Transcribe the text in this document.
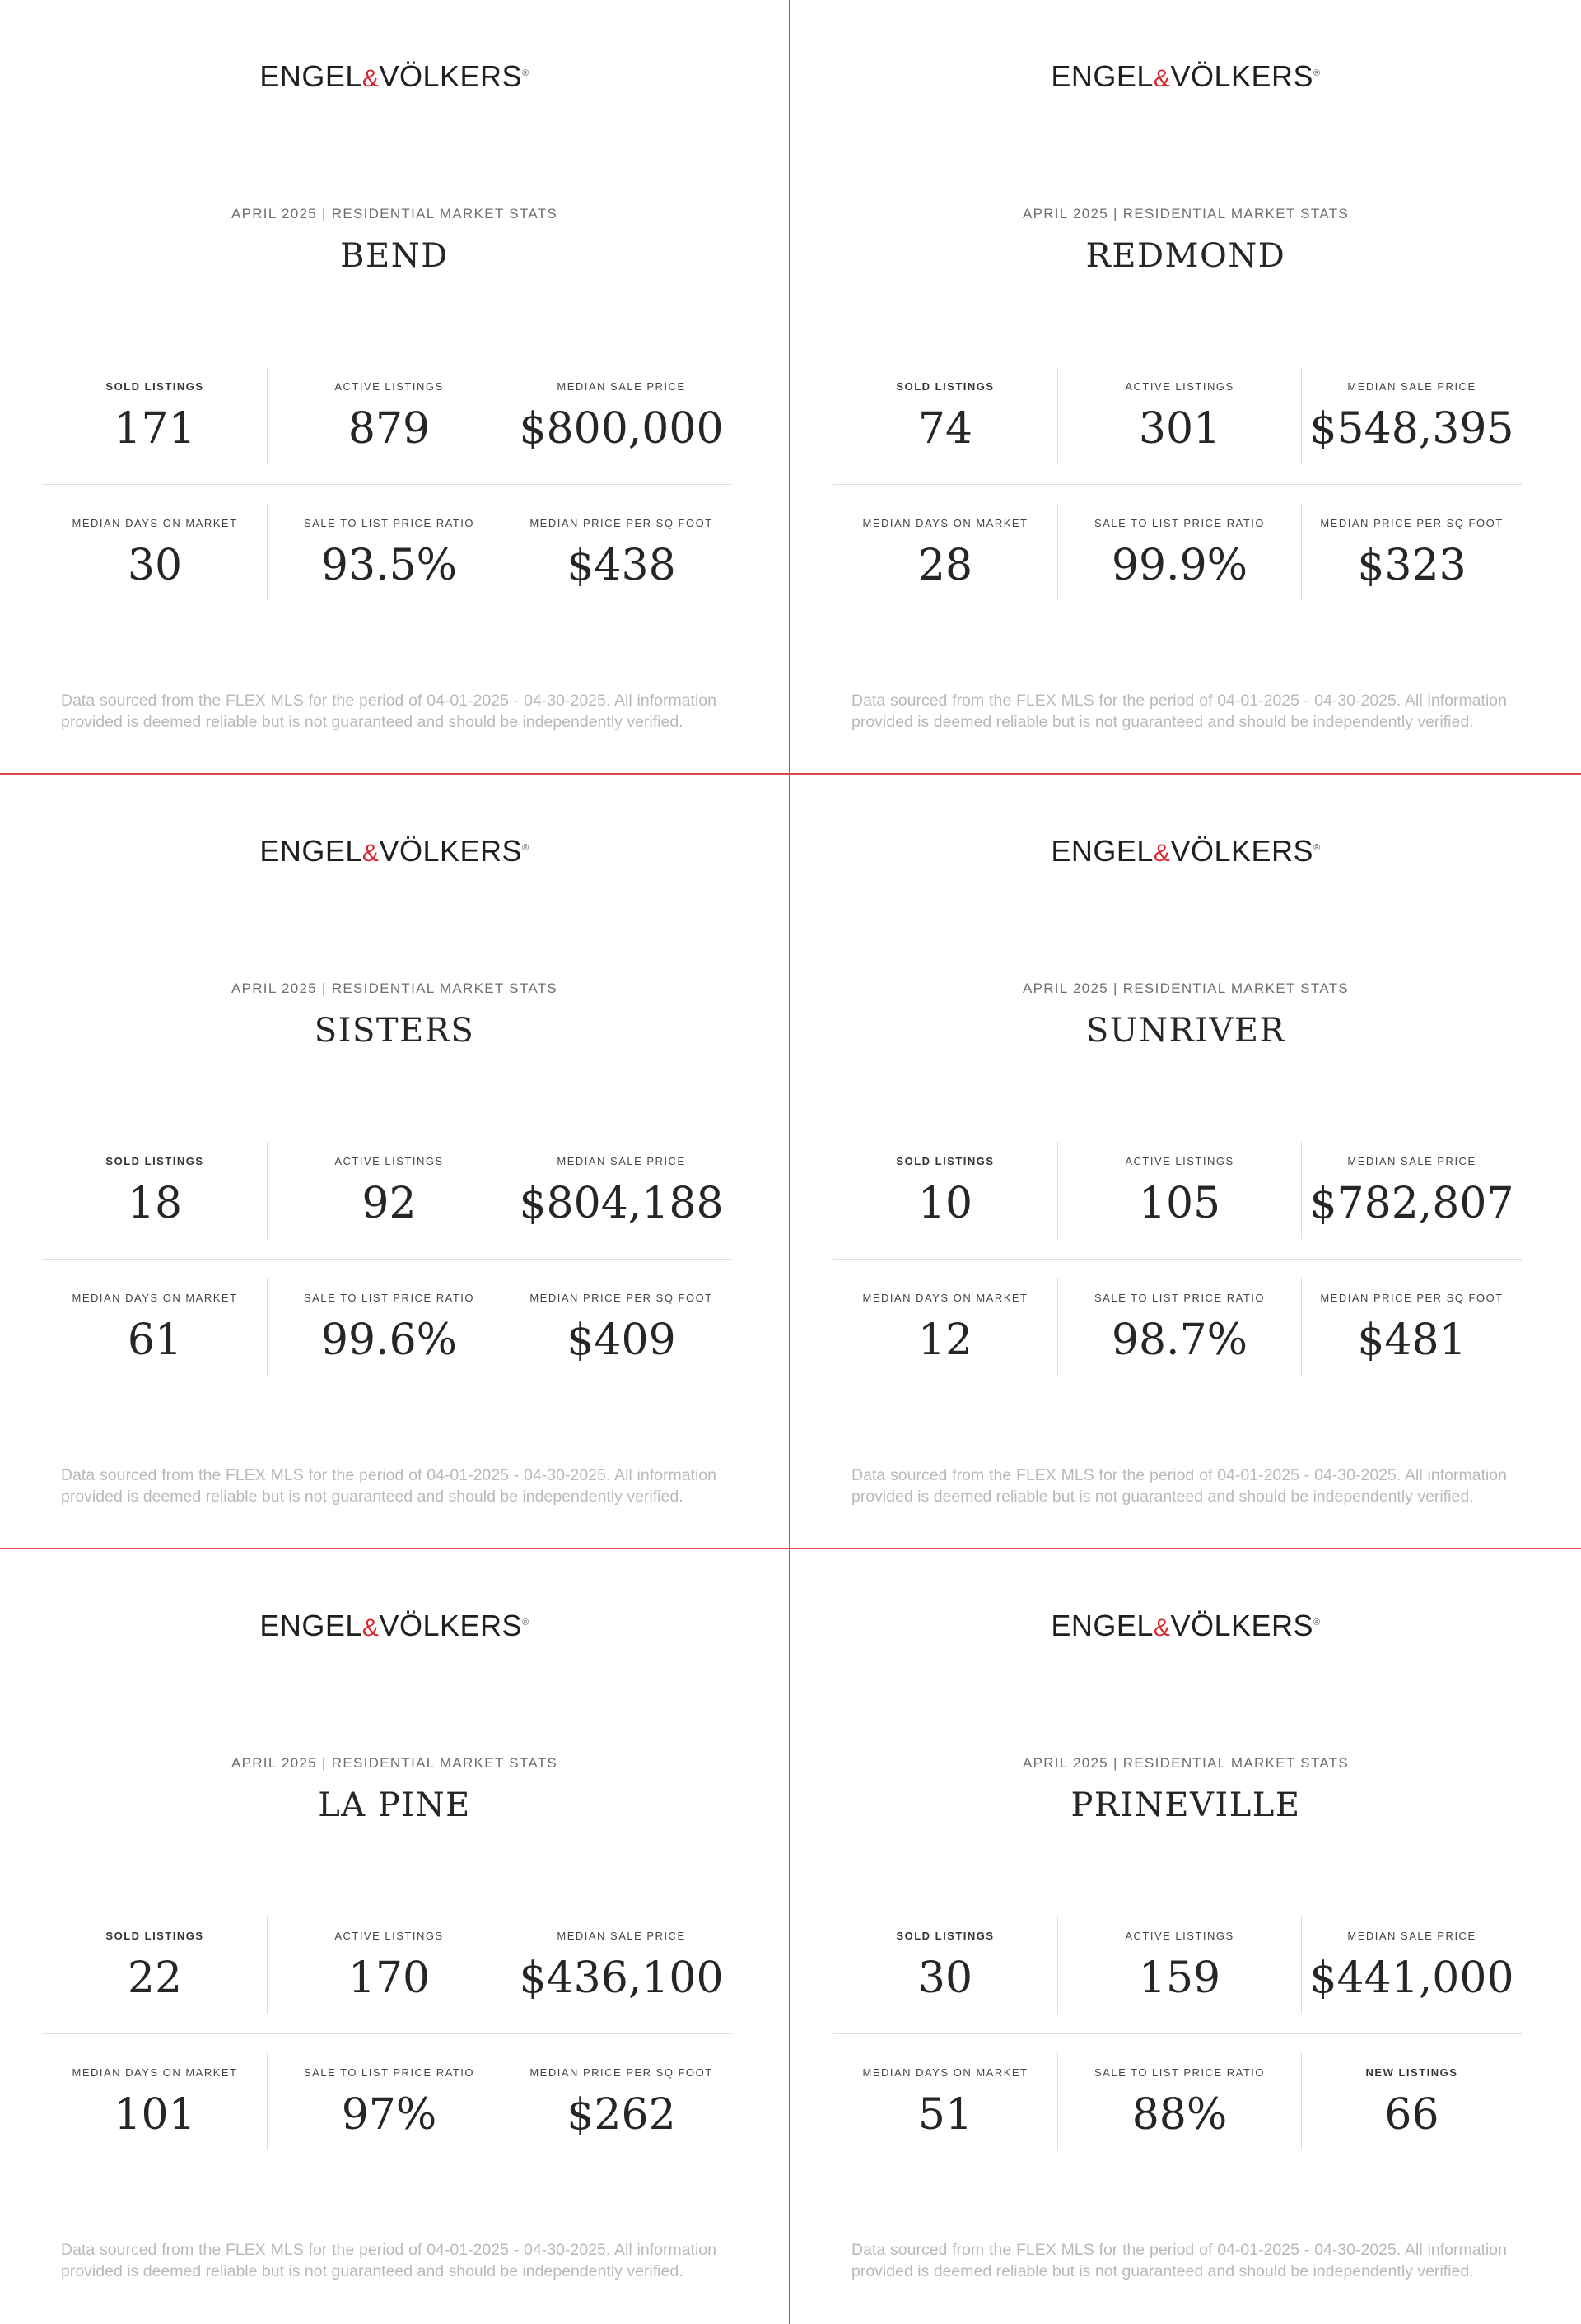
ENGEL&VÖLKERS®
APRIL 2025 | RESIDENTIAL MARKET STATS
BEND
SOLD LISTINGS
171
ACTIVE LISTINGS
879
MEDIAN SALE PRICE
$800,000
MEDIAN DAYS ON MARKET
30
SALE TO LIST PRICE RATIO
93.5%
MEDIAN PRICE PER SQ FOOT
$438
Data sourced from the FLEX MLS for the period of 04-01-2025 - 04-30-2025. All information provided is deemed reliable but is not guaranteed and should be independently verified.
ENGEL&VÖLKERS®
APRIL 2025 | RESIDENTIAL MARKET STATS
REDMOND
SOLD LISTINGS
74
ACTIVE LISTINGS
301
MEDIAN SALE PRICE
$548,395
MEDIAN DAYS ON MARKET
28
SALE TO LIST PRICE RATIO
99.9%
MEDIAN PRICE PER SQ FOOT
$323
Data sourced from the FLEX MLS for the period of 04-01-2025 - 04-30-2025. All information provided is deemed reliable but is not guaranteed and should be independently verified.
ENGEL&VÖLKERS®
APRIL 2025 | RESIDENTIAL MARKET STATS
SISTERS
SOLD LISTINGS
18
ACTIVE LISTINGS
92
MEDIAN SALE PRICE
$804,188
MEDIAN DAYS ON MARKET
61
SALE TO LIST PRICE RATIO
99.6%
MEDIAN PRICE PER SQ FOOT
$409
Data sourced from the FLEX MLS for the period of 04-01-2025 - 04-30-2025. All information provided is deemed reliable but is not guaranteed and should be independently verified.
ENGEL&VÖLKERS®
APRIL 2025 | RESIDENTIAL MARKET STATS
SUNRIVER
SOLD LISTINGS
10
ACTIVE LISTINGS
105
MEDIAN SALE PRICE
$782,807
MEDIAN DAYS ON MARKET
12
SALE TO LIST PRICE RATIO
98.7%
MEDIAN PRICE PER SQ FOOT
$481
Data sourced from the FLEX MLS for the period of 04-01-2025 - 04-30-2025. All information provided is deemed reliable but is not guaranteed and should be independently verified.
ENGEL&VÖLKERS®
APRIL 2025 | RESIDENTIAL MARKET STATS
LA PINE
SOLD LISTINGS
22
ACTIVE LISTINGS
170
MEDIAN SALE PRICE
$436,100
MEDIAN DAYS ON MARKET
101
SALE TO LIST PRICE RATIO
97%
MEDIAN PRICE PER SQ FOOT
$262
Data sourced from the FLEX MLS for the period of 04-01-2025 - 04-30-2025. All information provided is deemed reliable but is not guaranteed and should be independently verified.
ENGEL&VÖLKERS®
APRIL 2025 | RESIDENTIAL MARKET STATS
PRINEVILLE
SOLD LISTINGS
30
ACTIVE LISTINGS
159
MEDIAN SALE PRICE
$441,000
MEDIAN DAYS ON MARKET
51
SALE TO LIST PRICE RATIO
88%
NEW LISTINGS
66
Data sourced from the FLEX MLS for the period of 04-01-2025 - 04-30-2025. All information provided is deemed reliable but is not guaranteed and should be independently verified.
